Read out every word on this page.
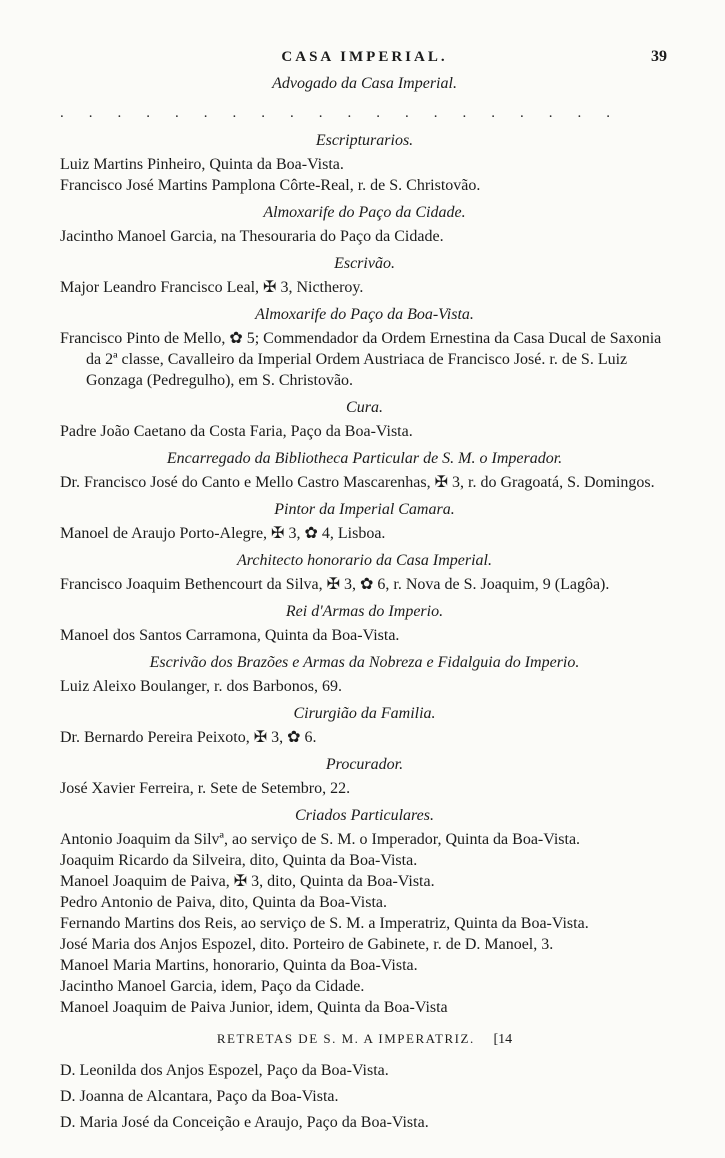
CASA IMPERIAL.	39
Advogado da Casa Imperial.
....................
Escripturarios.

Luiz Martins Pinheiro, Quinta da Boa-Vista.

Francisco José Martins Pamplona Côrte-Real, r. de S. Christovão.

Almoxarife do Paço da Cidade.

Jacintho Manoel Garcia, na Thesouraria do Paço da Cidade.

Escrivão.

Major Leandro Francisco Leal, ✠ 3, Nictheroy.

Almoxarife do Paço da Boa-Vista.

Francisco Pinto de Mello, ✿ 5; Commendador da Ordem Ernestina da Casa Ducal de Saxonia da 2ª classe, Cavalleiro da Imperial Ordem Austriaca de Francisco José. r. de S. Luiz Gonzaga (Pedregulho), em S. Christovão.

Cura.

Padre João Caetano da Costa Faria, Paço da Boa-Vista.

Encarregado da Bibliotheca Particular de S. M. o Imperador.

Dr. Francisco José do Canto e Mello Castro Mascarenhas, ✠ 3, r. do Gragoatá, S. Domingos.

Pintor da Imperial Camara.

Manoel de Araujo Porto-Alegre, ✠ 3, ✿ 4, Lisboa.

Architecto honorario da Casa Imperial.

Francisco Joaquim Bethencourt da Silva, ✠ 3, ✿ 6, r. Nova de S. Joaquim, 9 (Lagôa).

Rei d'Armas do Imperio.

Manoel dos Santos Carramona, Quinta da Boa-Vista.

Escrivão dos Brazões e Armas da Nobreza e Fidalguia do Imperio.

Luiz Aleixo Boulanger, r. dos Barbonos, 69.

Cirurgião da Familia.

Dr. Bernardo Pereira Peixoto, ✠ 3, ✿ 6.

Procurador.

José Xavier Ferreira, r. Sete de Setembro, 22.

Criados Particulares.

Antonio Joaquim da Silvª, ao serviço de S. M. o Imperador, Quinta da Boa-Vista.

Joaquim Ricardo da Silveira, dito, Quinta da Boa-Vista.

Manoel Joaquim de Paiva, ✠ 3, dito, Quinta da Boa-Vista.

Pedro Antonio de Paiva, dito, Quinta da Boa-Vista.

Fernando Martins dos Reis, ao serviço de S. M. a Imperatriz, Quinta da Boa-Vista.

José Maria dos Anjos Espozel, dito. Porteiro de Gabinete, r. de D. Manoel, 3.

Manoel Maria Martins, honorario, Quinta da Boa-Vista.

Jacintho Manoel Garcia, idem, Paço da Cidade.

Manoel Joaquim de Paiva Junior, idem, Quinta da Boa-Vista

RETRETAS DE S. M. A IMPERATRIZ. [14

D. Leonilda dos Anjos Espozel, Paço da Boa-Vista.

D. Joanna de Alcantara, Paço da Boa-Vista.

D. Maria José da Conceição e Araujo, Paço da Boa-Vista.
